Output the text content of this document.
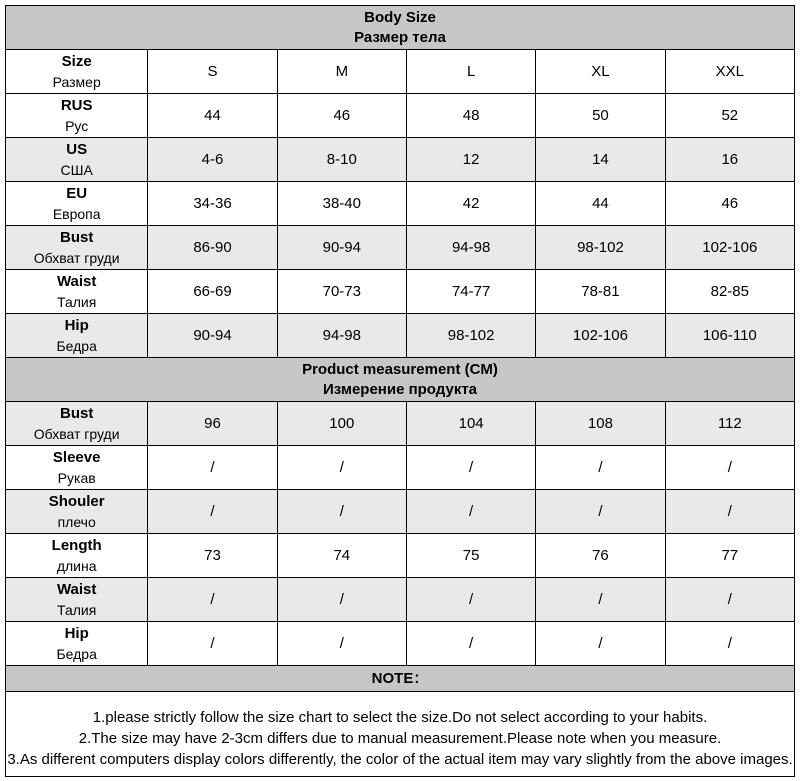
Body Size
Размер тела					

Size
Размер	S	M	L	XL	XXL

RUS
Рус	44	46	48	50	52

US
США	4-6	8-10	12	14	16

EU
Европа	34-36	38-40	42	44	46

Bust
Обхват груди	86-90	90-94	94-98	98-102	102-106

Waist
Талия	66-69	70-73	74-77	78-81	82-85

Hip
Бедра	90-94	94-98	98-102	102-106	106-110

Product measurement (CM)
Измерение продукта					

Bust
Обхват груди	96	100	104	108	112

Sleeve
Рукав	/	/	/	/	/

Shouler
плечо	/	/	/	/	/

Length
длина	73	74	75	76	77

Waist
Талия	/	/	/	/	/

Hip
Бедра	/	/	/	/	/
NOTE：					

1.please strictly follow the size chart to select the size.Do not select according to your habits.
2.The size may have 2-3cm differs due to manual measurement.Please note when you measure.
3.As different computers display colors differently, the color of the actual item may vary slightly from the above images.					
